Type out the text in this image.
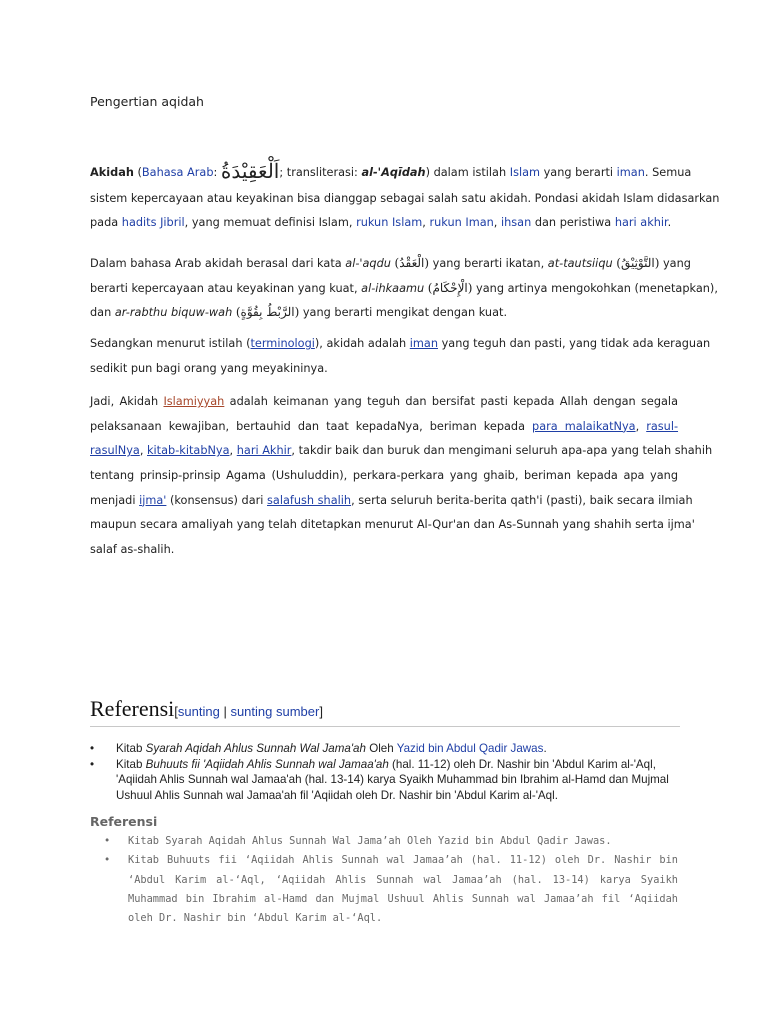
Pengertian aqidah
Akidah (Bahasa Arab: اَلْعَقِيْدَةُ; transliterasi: al-'Aqīdah) dalam istilah Islam yang berarti iman. Semua
sistem kepercayaan atau keyakinan bisa dianggap sebagai salah satu akidah. Pondasi akidah Islam didasarkan
pada hadits Jibril, yang memuat definisi Islam, rukun Islam, rukun Iman, ihsan dan peristiwa hari akhir.
Dalam bahasa Arab akidah berasal dari kata al-'aqdu (الْعَقْدُ) yang berarti ikatan, at-tautsiiqu (التَّوْثِيْقُ) yang
berarti kepercayaan atau keyakinan yang kuat, al-ihkaamu (الْإِحْكَامُ) yang artinya mengokohkan (menetapkan),
dan ar-rabthu biquw-wah (الرَّبْطُ بِقُوَّةٍ) yang berarti mengikat dengan kuat.
Sedangkan menurut istilah (terminologi), akidah adalah iman yang teguh dan pasti, yang tidak ada keraguan
sedikit pun bagi orang yang meyakininya.
Jadi, Akidah Islamiyyah adalah keimanan yang teguh dan bersifat pasti kepada Allah dengan segala
pelaksanaan kewajiban, bertauhid dan taat kepadaNya, beriman kepada para malaikatNya, rasul-
rasulNya, kitab-kitabNya, hari Akhir, takdir baik dan buruk dan mengimani seluruh apa-apa yang telah shahih
tentang prinsip-prinsip Agama (Ushuluddin), perkara-perkara yang ghaib, beriman kepada apa yang
menjadi ijma' (konsensus) dari salafush shalih, serta seluruh berita-berita qath'i (pasti), baik secara ilmiah
maupun secara amaliyah yang telah ditetapkan menurut Al-Qur'an dan As-Sunnah yang shahih serta ijma'
salaf as-shalih.
Referensi[sunting | sunting sumber]
• Kitab Syarah Aqidah Ahlus Sunnah Wal Jama'ah Oleh Yazid bin Abdul Qadir Jawas.
• Kitab Buhuuts fii 'Aqiidah Ahlis Sunnah wal Jamaa'ah (hal. 11-12) oleh Dr. Nashir bin 'Abdul Karim al-'Aql, 'Aqiidah Ahlis Sunnah wal Jamaa'ah (hal. 13-14) karya Syaikh Muhammad bin Ibrahim al-Hamd dan Mujmal Ushuul Ahlis Sunnah wal Jamaa'ah fil 'Aqiidah oleh Dr. Nashir bin 'Abdul Karim al-'Aql.
Referensi
• Kitab Syarah Aqidah Ahlus Sunnah Wal Jama’ah Oleh Yazid bin Abdul Qadir Jawas.
• Kitab Buhuuts fii ‘Aqiidah Ahlis Sunnah wal Jamaa’ah (hal. 11-12) oleh Dr. Nashir bin ‘Abdul Karim al-‘Aql, ‘Aqiidah Ahlis Sunnah wal Jamaa’ah (hal. 13-14) karya Syaikh Muhammad bin Ibrahim al-Hamd dan Mujmal Ushuul Ahlis Sunnah wal Jamaa’ah fil ‘Aqiidah oleh Dr. Nashir bin ‘Abdul Karim al-‘Aql.
